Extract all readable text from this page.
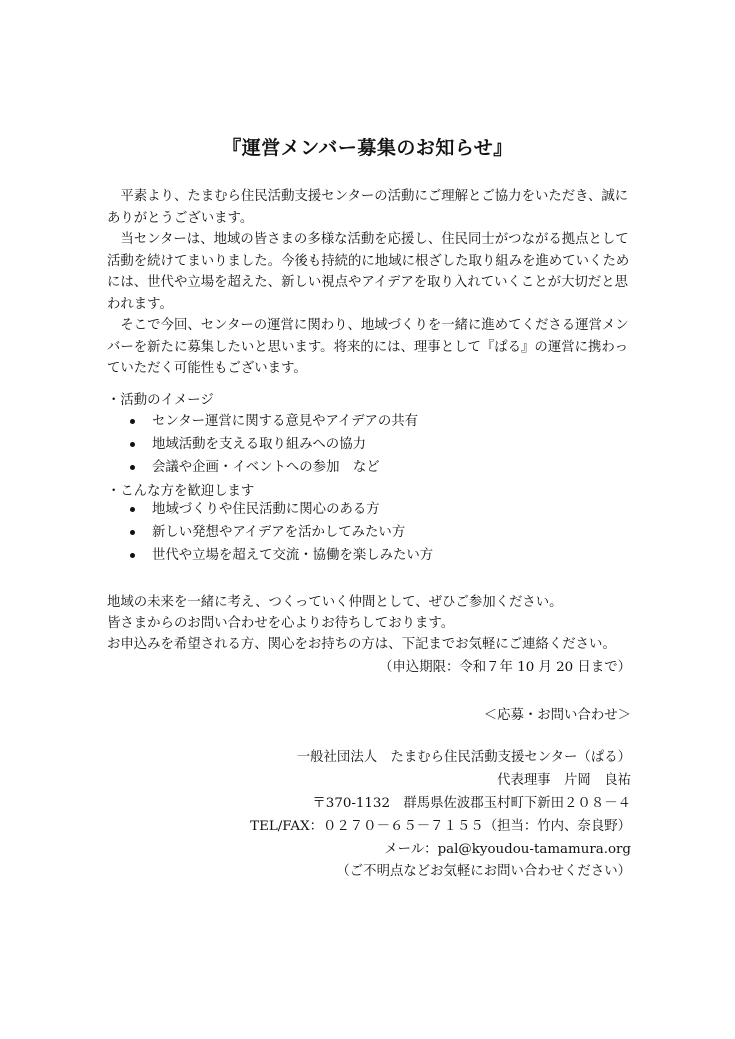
『運営メンバー募集のお知らせ』

平素より、たまむら住民活動支援センターの活動にご理解とご協力をいただき、誠にありがとうございます。

当センターは、地域の皆さまの多様な活動を応援し、住民同士がつながる拠点として活動を続けてまいりました。今後も持続的に地域に根ざした取り組みを進めていくためには、世代や立場を超えた、新しい視点やアイデアを取り入れていくことが大切だと思われます。

そこで今回、センターの運営に関わり、地域づくりを一緒に進めてくださる運営メンバーを新たに募集したいと思います。将来的には、理事として『ぱる』の運営に携わっていただく可能性もございます。

・活動のイメージ
センター運営に関する意見やアイデアの共有
地域活動を支える取り組みへの協力
会議や企画・イベントへの参加　など
・こんな方を歓迎します
地域づくりや住民活動に関心のある方
新しい発想やアイデアを活かしてみたい方
世代や立場を超えて交流・協働を楽しみたい方

地域の未来を一緒に考え、つくっていく仲間として、ぜひご参加ください。

皆さまからのお問い合わせを心よりお待ちしております。

お申込みを希望される方、関心をお持ちの方は、下記までお気軽にご連絡ください。

（申込期限：令和７年 10 月 20 日まで）
＜応募・お問い合わせ＞
一般社団法人　たまむら住民活動支援センター（ぱる）
代表理事　片岡　良祐
〒370-1132　群馬県佐波郡玉村町下新田２０８－４
TEL/FAX：０２７０－６５－７１５５（担当：竹内、奈良野）
メール：pal@kyoudou-tamamura.org
（ご不明点などお気軽にお問い合わせください）
